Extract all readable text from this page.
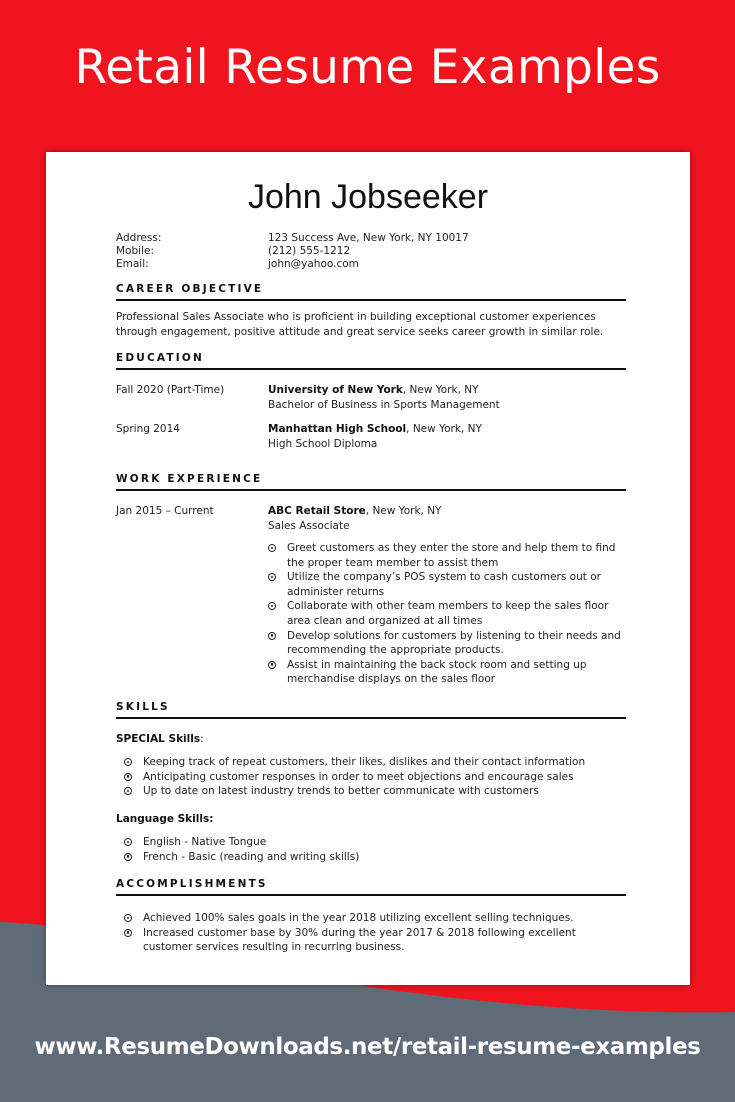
Retail Resume Examples
John Jobseeker
Address:	123 Success Ave, New York, NY 10017
Mobile:	(212) 555-1212
Email:	john@yahoo.com
CAREER OBJECTIVE
Professional Sales Associate who is proficient in building exceptional customer experiences through engagement, positive attitude and great service seeks career growth in similar role.
EDUCATION
Fall 2020 (Part-Time)	University of New York, New York, NY
Bachelor of Business in Sports Management
Spring 2014	Manhattan High School, New York, NY
High School Diploma
WORK EXPERIENCE
Jan 2015 – Current	ABC Retail Store, New York, NY
Sales Associate
Greet customers as they enter the store and help them to find the proper team member to assist them
Utilize the company’s POS system to cash customers out or administer returns
Collaborate with other team members to keep the sales floor area clean and organized at all times
Develop solutions for customers by listening to their needs and recommending the appropriate products.
Assist in maintaining the back stock room and setting up merchandise displays on the sales floor
SKILLS
SPECIAL Skills:
Keeping track of repeat customers, their likes, dislikes and their contact information
Anticipating customer responses in order to meet objections and encourage sales
Up to date on latest industry trends to better communicate with customers
Language Skills:
English - Native Tongue
French - Basic (reading and writing skills)
ACCOMPLISHMENTS
Achieved 100% sales goals in the year 2018 utilizing excellent selling techniques.
Increased customer base by 30% during the year 2017 & 2018 following excellent customer services resulting in recurring business.
www.ResumeDownloads.net/retail-resume-examples
